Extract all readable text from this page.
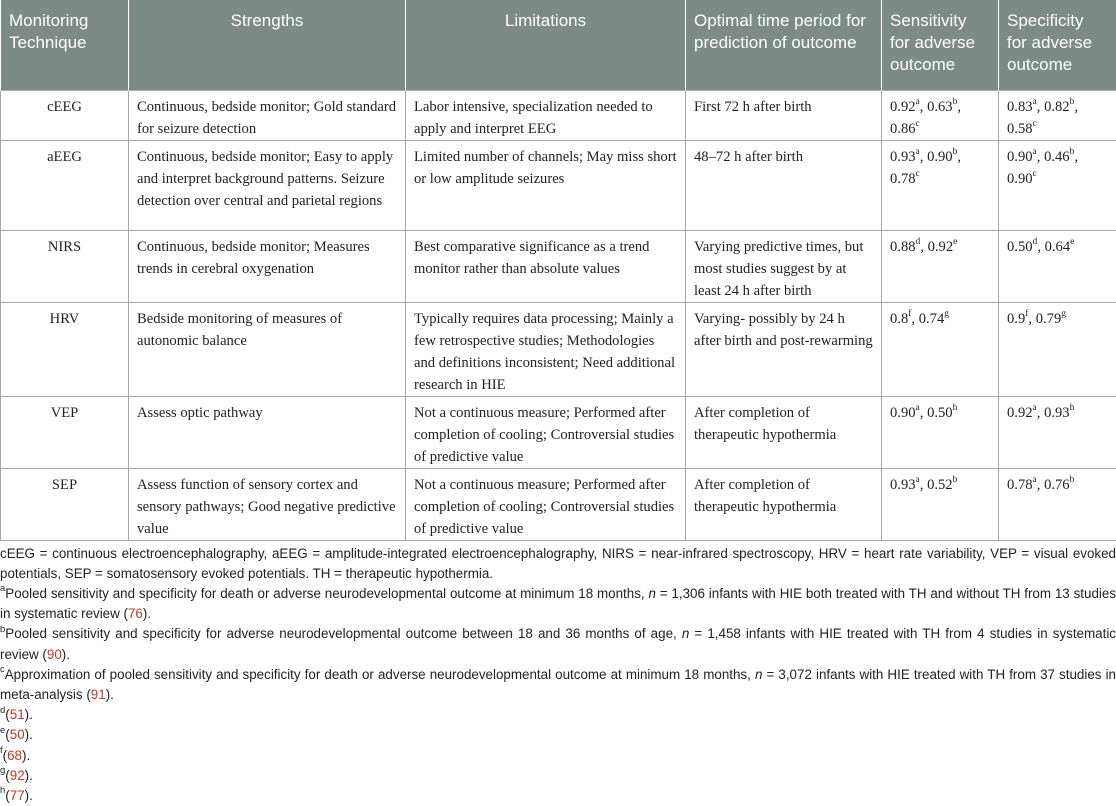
Monitoring Technique	Strengths	Limitations	Optimal time period for prediction of outcome	Sensitivity for adverse outcome	Specificity for adverse outcome
cEEG	Continuous, bedside monitor; Gold standard for seizure detection	Labor intensive, specialization needed to apply and interpret EEG	First 72 h after birth	0.92$^a$, 0.63$^b$, 0.86$^c$	0.83$^a$, 0.82$^b$, 0.58$^c$
aEEG	Continuous, bedside monitor; Easy to apply and interpret background patterns. Seizure detection over central and parietal regions	Limited number of channels; May miss short or low amplitude seizures	48–72 h after birth	0.93$^a$, 0.90$^b$, 0.78$^c$	0.90$^a$, 0.46$^b$, 0.90$^c$
NIRS	Continuous, bedside monitor; Measures trends in cerebral oxygenation	Best comparative significance as a trend monitor rather than absolute values	Varying predictive times, but most studies suggest by at least 24 h after birth	0.88$^d$, 0.92e	0.50$^d$, 0.64e
HRV	Bedside monitoring of measures of autonomic balance	Typically requires data processing; Mainly a few retrospective studies; Methodologies and definitions inconsistent; Need additional research in HIE	Varying- possibly by 24 h after birth and post-rewarming	0.8$^f$, 0.74$^g$	0.9$^f$, 0.79$^g$
VEP	Assess optic pathway	Not a continuous measure; Performed after completion of cooling; Controversial studies of predictive value	After completion of therapeutic hypothermia	0.90$^a$, 0.50$^h$	0.92$^a$, 0.93$^h$
SEP	Assess function of sensory cortex and sensory pathways; Good negative predictive value	Not a continuous measure; Performed after completion of cooling; Controversial studies of predictive value	After completion of therapeutic hypothermia	0.93$^a$, 0.52$^b$	0.78$^a$, 0.76$^b$

cEEG = continuous electroencephalography, aEEG = amplitude-integrated electroencephalography, NIRS = near-infrared spectroscopy, HRV = heart rate variability, VEP = visual evoked potentials, SEP = somatosensory evoked potentials. TH = therapeutic hypothermia.

$^a$Pooled sensitivity and specificity for death or adverse neurodevelopmental outcome at minimum 18 months, n = 1,306 infants with HIE both treated with TH and without TH from 13 studies in systematic review (76).

$^b$Pooled sensitivity and specificity for adverse neurodevelopmental outcome between 18 and 36 months of age, n = 1,458 infants with HIE treated with TH from 4 studies in systematic review (90).

$^c$Approximation of pooled sensitivity and specificity for death or adverse neurodevelopmental outcome at minimum 18 months, n = 3,072 infants with HIE treated with TH from 37 studies in meta-analysis (91).

$^d$(51).

$^e$(50).

$^f$(68).

$^g$(92).

$^h$(77).
